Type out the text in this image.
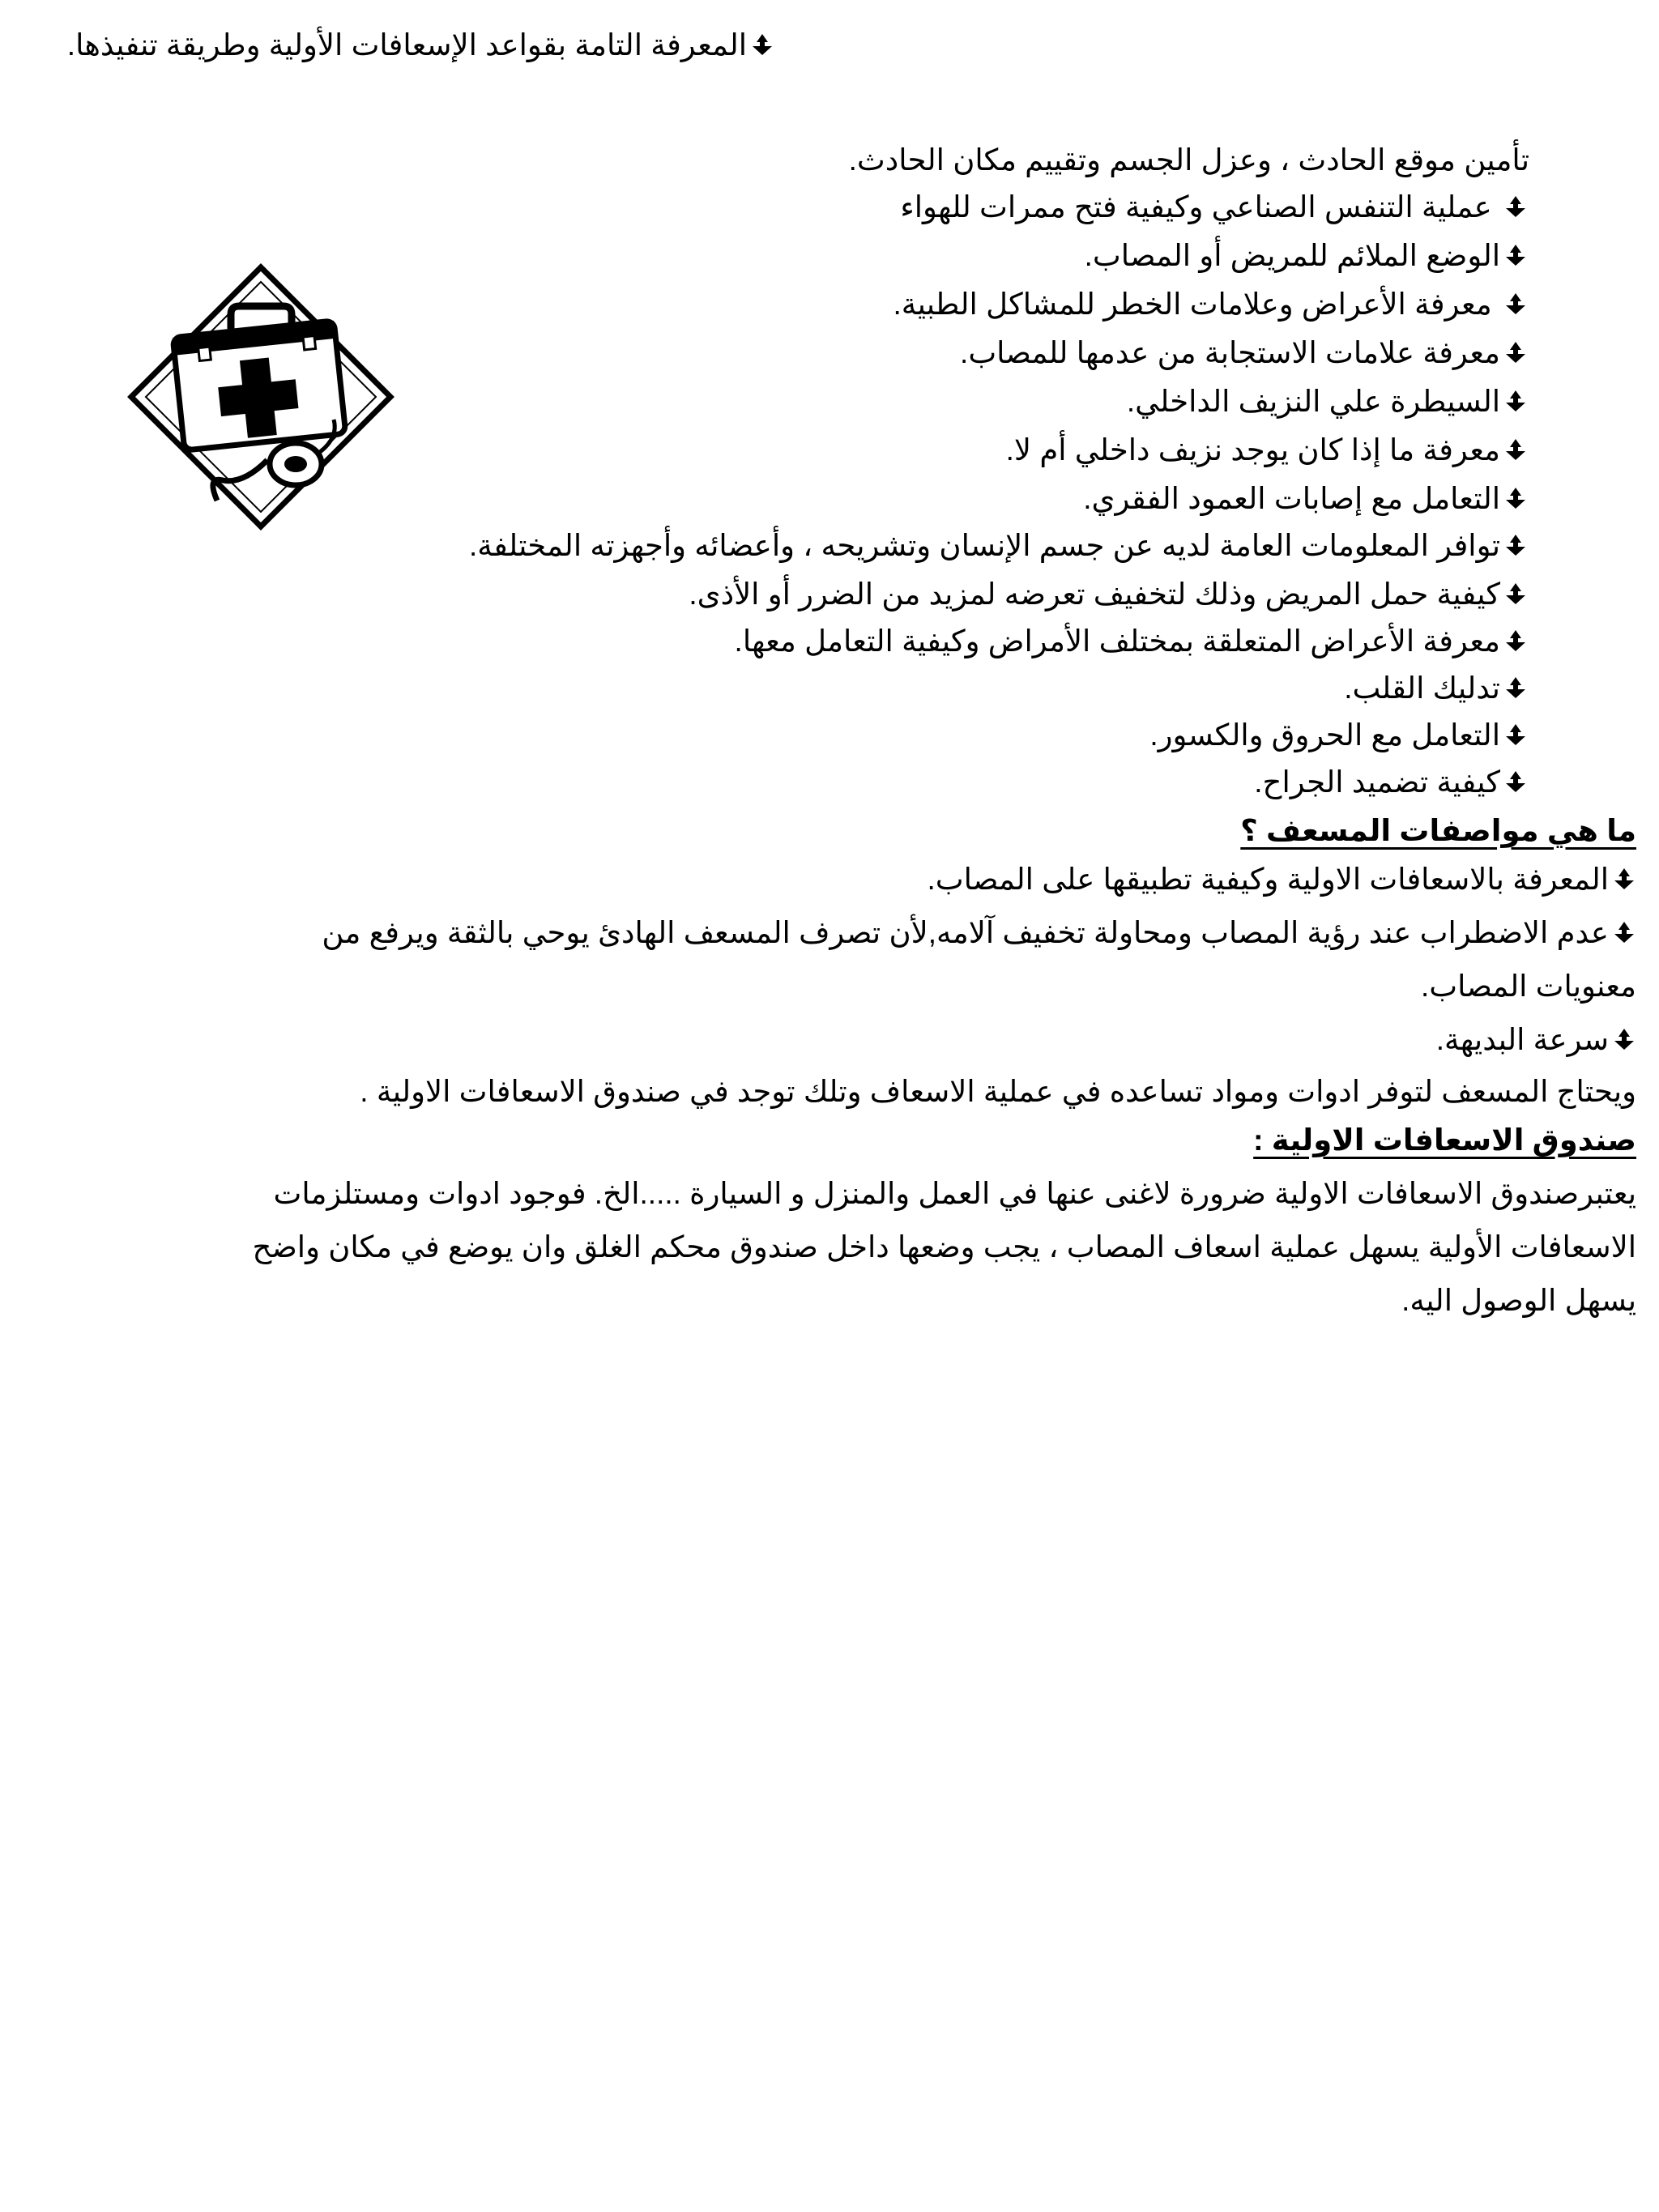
المعرفة التامة بقواعد الإسعافات الأولية وطريقة تنفيذها.
تأمين موقع الحادث ، وعزل الجسم وتقييم مكان الحادث.
عملية التنفس الصناعي وكيفية فتح ممرات للهواء
الوضع الملائم للمريض أو المصاب.
معرفة الأعراض وعلامات الخطر للمشاكل الطبية.
معرفة علامات الاستجابة من عدمها للمصاب.
السيطرة علي النزيف الداخلي.
معرفة ما إذا كان يوجد نزيف داخلي أم لا.
التعامل مع إصابات العمود الفقري.
توافر المعلومات العامة لديه عن جسم الإنسان وتشريحه ، وأعضائه وأجهزته المختلفة.
كيفية حمل المريض وذلك لتخفيف تعرضه لمزيد من الضرر أو الأذى.
معرفة الأعراض المتعلقة بمختلف الأمراض وكيفية التعامل معها.
تدليك القلب.
التعامل مع الحروق والكسور.
كيفية تضميد الجراح.
ما هي مواصفات المسعف ؟
المعرفة بالاسعافات الاولية وكيفية تطبيقها على المصاب.
عدم الاضطراب عند رؤية المصاب ومحاولة تخفيف آلامه,لأن تصرف المسعف الهادئ يوحي بالثقة ويرفع من
معنويات المصاب.
سرعة البديهة.
ويحتاج المسعف لتوفر ادوات ومواد تساعده في عملية الاسعاف وتلك توجد في صندوق الاسعافات الاولية .
صندوق الاسعافات الاولية :
يعتبرصندوق الاسعافات الاولية ضرورة لاغنى عنها في العمل والمنزل و السيارة .....الخ. فوجود ادوات ومستلزمات
الاسعافات الأولية يسهل عملية اسعاف المصاب ، يجب وضعها داخل صندوق محكم الغلق وان يوضع في مكان واضح
يسهل الوصول اليه.
